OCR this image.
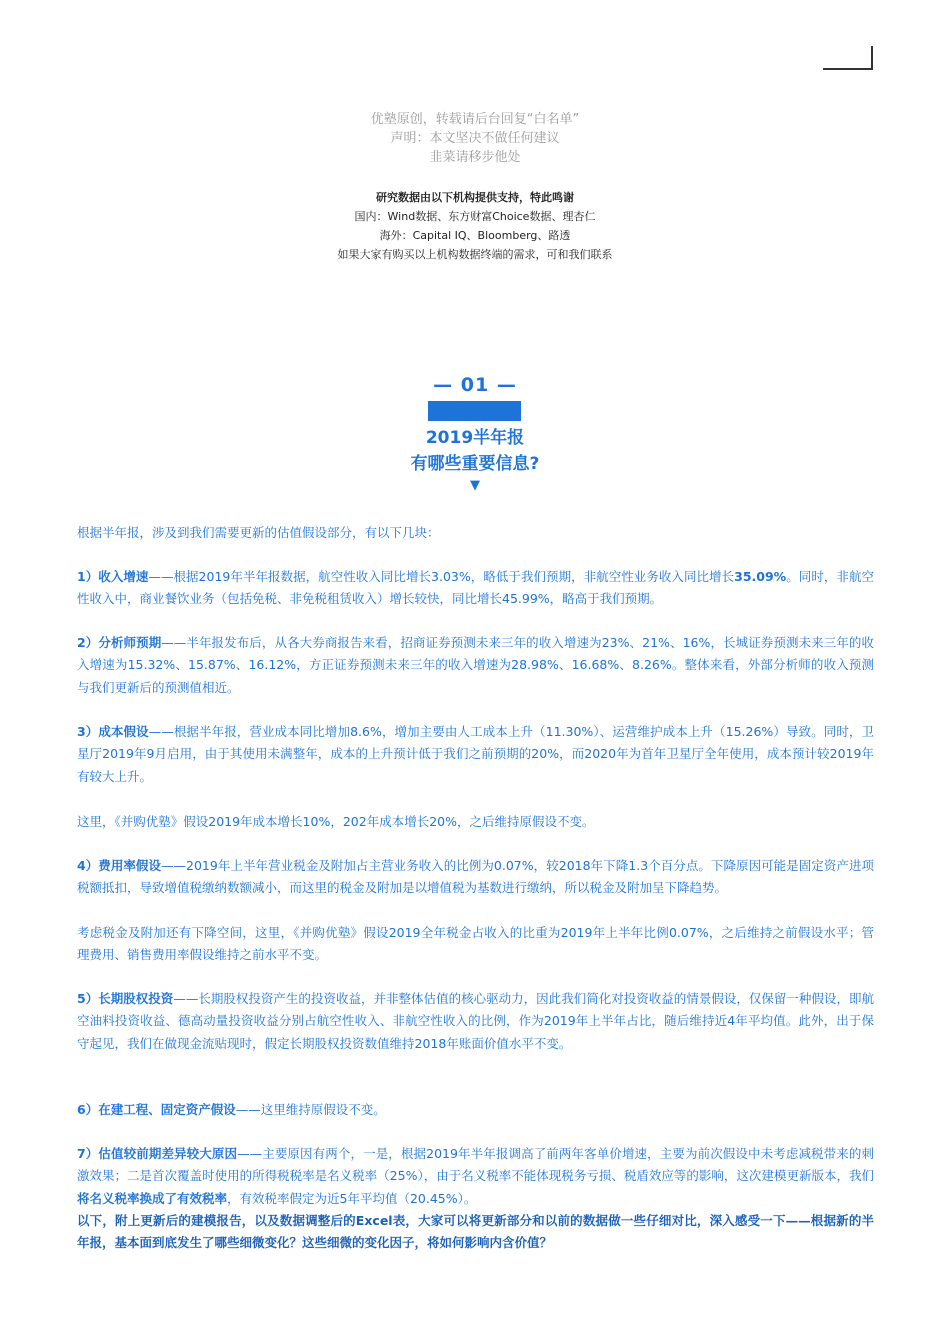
优塾原创，转载请后台回复“白名单”
声明：本文坚决不做任何建议
韭菜请移步他处
研究数据由以下机构提供支持，特此鸣谢
国内：Wind数据、东方财富Choice数据、理杏仁
海外：Capital IQ、Bloomberg、路透
如果大家有购买以上机构数据终端的需求，可和我们联系
— 01 —
2019半年报
有哪些重要信息?
▼
根据半年报，涉及到我们需要更新的估值假设部分，有以下几块：
1）收入增速——根据2019年半年报数据，航空性收入同比增长3.03%，略低于我们预期，非航空性业务收入同比增长35.09%。同时，非航空性收入中，商业餐饮业务（包括免税、非免税租赁收入）增长较快，同比增长45.99%，略高于我们预期。
2）分析师预期——半年报发布后，从各大券商报告来看，招商证券预测未来三年的收入增速为23%、21%、16%，长城证券预测未来三年的收入增速为15.32%、15.87%、16.12%，方正证券预测未来三年的收入增速为28.98%、16.68%、8.26%。整体来看，外部分析师的收入预测与我们更新后的预测值相近。
3）成本假设——根据半年报，营业成本同比增加8.6%，增加主要由人工成本上升（11.30%）、运营维护成本上升（15.26%）导致。同时，卫星厅2019年9月启用，由于其使用未满整年，成本的上升预计低于我们之前预期的20%，而2020年为首年卫星厅全年使用，成本预计较2019年有较大上升。
这里，《并购优塾》假设2019年成本增长10%，202年成本增长20%，之后维持原假设不变。
4）费用率假设——2019年上半年营业税金及附加占主营业务收入的比例为0.07%，较2018年下降1.3个百分点。下降原因可能是固定资产进项税额抵扣，导致增值税缴纳数额减小，而这里的税金及附加是以增值税为基数进行缴纳，所以税金及附加呈下降趋势。
考虑税金及附加还有下降空间，这里，《并购优塾》假设2019全年税金占收入的比重为2019年上半年比例0.07%，之后维持之前假设水平；管理费用、销售费用率假设维持之前水平不变。
5）长期股权投资——长期股权投资产生的投资收益，并非整体估值的核心驱动力，因此我们简化对投资收益的情景假设，仅保留一种假设，即航空油料投资收益、德高动量投资收益分别占航空性收入、非航空性收入的比例，作为2019年上半年占比，随后维持近4年平均值。此外，出于保守起见，我们在做现金流贴现时，假定长期股权投资数值维持2018年账面价值水平不变。
6）在建工程、固定资产假设——这里维持原假设不变。
7）估值较前期差异较大原因——主要原因有两个，一是，根据2019年半年报调高了前两年客单价增速，主要为前次假设中未考虑减税带来的刺激效果；二是首次覆盖时使用的所得税税率是名义税率（25%），由于名义税率不能体现税务亏损、税盾效应等的影响，这次建模更新版本，我们将名义税率换成了有效税率，有效税率假定为近5年平均值（20.45%）。
以下，附上更新后的建模报告，以及数据调整后的Excel表，大家可以将更新部分和以前的数据做一些仔细对比，深入感受一下——根据新的半年报，基本面到底发生了哪些细微变化？这些细微的变化因子，将如何影响内含价值？
